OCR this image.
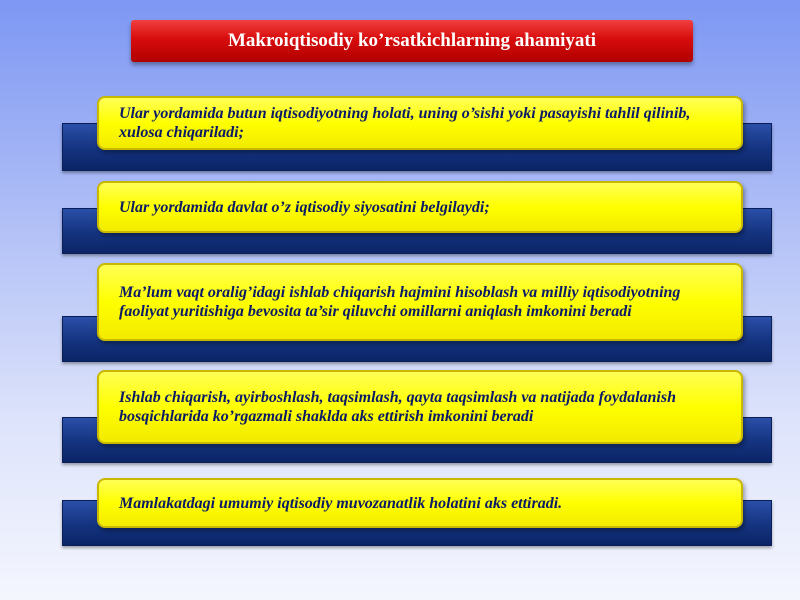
Makroiqtisodiy ko’rsatkichlarning ahamiyati
Ular yordamida butun iqtisodiyotning holati, uning o’sishi yoki pasayishi tahlil qilinib, xulosa chiqariladi;
Ular yordamida davlat o’z iqtisodiy siyosatini belgilaydi;
Ma’lum vaqt oralig’idagi ishlab chiqarish hajmini hisoblash va milliy iqtisodiyotning faoliyat yuritishiga bevosita ta’sir qiluvchi omillarni aniqlash imkonini beradi
Ishlab chiqarish, ayirboshlash, taqsimlash, qayta taqsimlash va natijada foydalanish bosqichlarida ko’rgazmali shaklda aks ettirish imkonini beradi
Mamlakatdagi umumiy iqtisodiy muvozanatlik holatini aks ettiradi.
